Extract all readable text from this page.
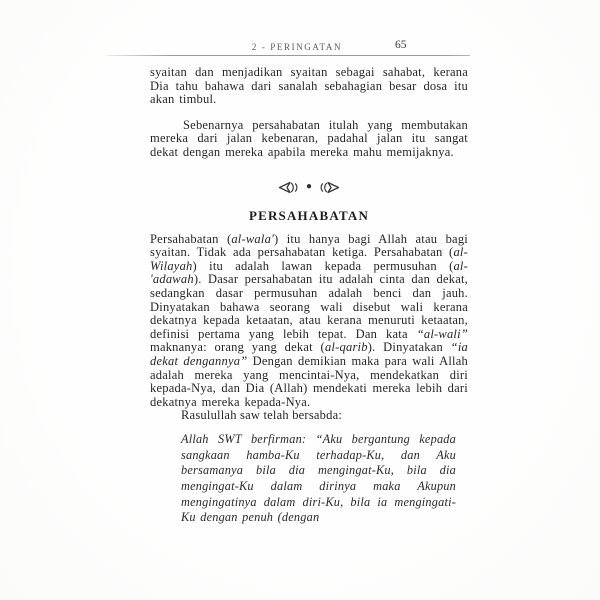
2 - PERINGATAN	65

syaitan dan menjadikan syaitan sebagai sahabat, kerana Dia tahu bahawa dari sanalah sebahagian besar dosa itu akan timbul.

Sebenarnya persahabatan itulah yang membutakan mereka dari jalan kebenaran, padahal jalan itu sangat dekat dengan mereka apabila mereka mahu memijaknya.

●
PERSAHABATAN

Persahabatan (al-wala') itu hanya bagi Allah atau bagi syaitan. Tidak ada persahabatan ketiga. Persahabatan (al-Wilayah) itu adalah lawan kepada permusuhan (al-'adawah). Dasar persahabatan itu adalah cinta dan dekat, sedangkan dasar permusuhan adalah benci dan jauh. Dinyatakan bahawa seorang wali disebut wali kerana dekatnya kepada ketaatan, atau kerana menuruti ketaatan, definisi pertama yang lebih tepat. Dan kata “al-wali” maknanya: orang yang dekat (al-qarib). Dinyatakan “ia dekat dengannya” Dengan demikian maka para wali Allah adalah mereka yang mencintai-Nya, mendekatkan diri kepada-Nya, dan Dia (Allah) mendekati mereka lebih dari dekatnya mereka kepada-Nya.

Rasulullah saw telah bersabda:

Allah SWT berfirman: “Aku bergantung kepada sangkaan hamba-Ku terhadap-Ku, dan Aku bersamanya bila dia mengingat-Ku, bila dia mengingat-Ku dalam dirinya maka Akupun mengingatinya dalam diri-Ku, bila ia mengingati-Ku dengan penuh (dengan
